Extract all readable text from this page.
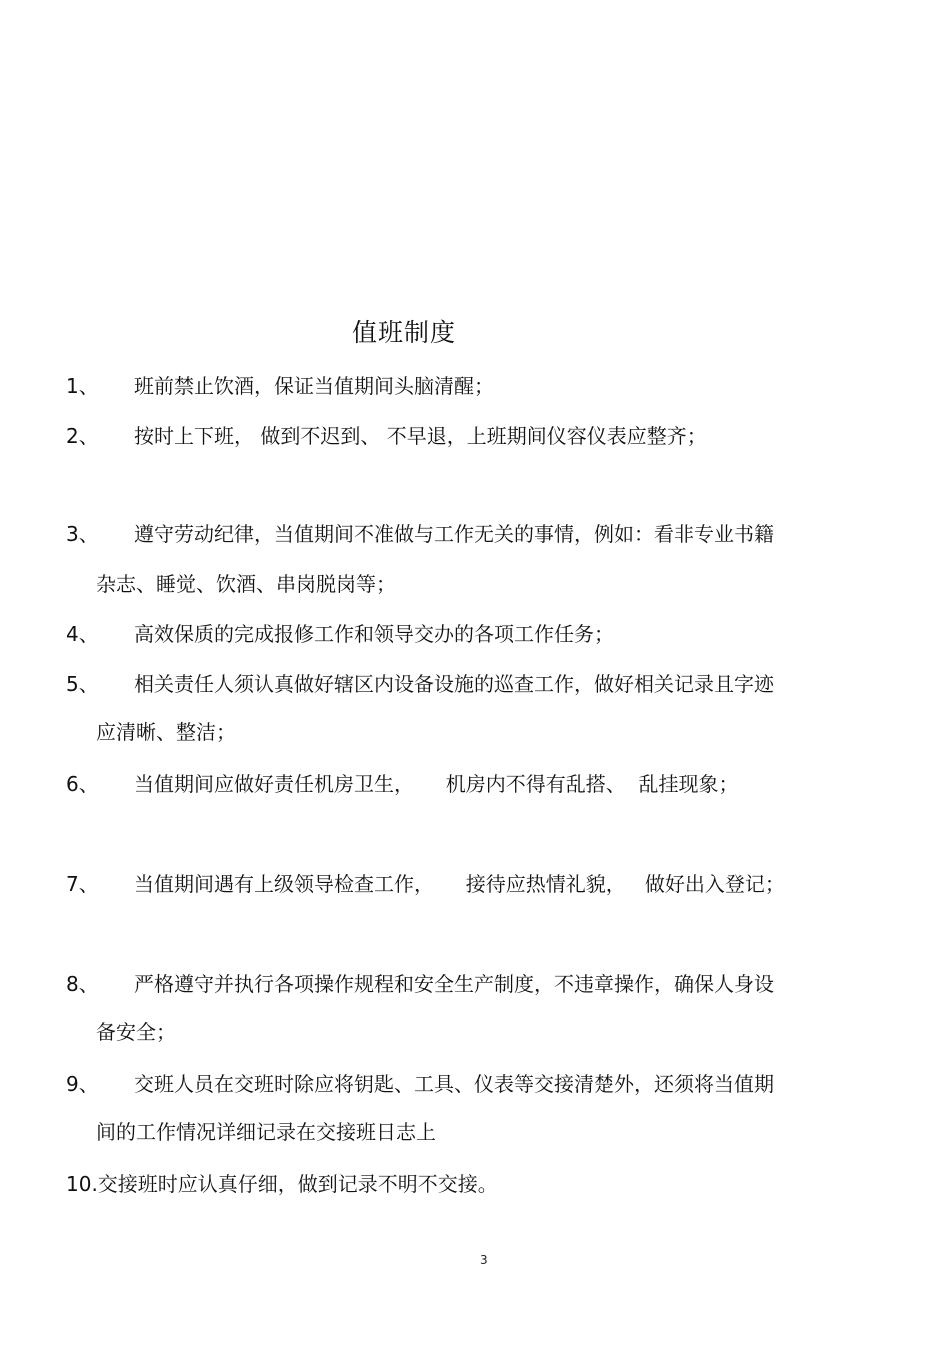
值班制度
1、 班前禁止饮酒，保证当值期间头脑清醒；
2、 按时上下班， 做到不迟到、 不早退，上班期间仪容仪表应整齐；
3、 遵守劳动纪律，当值期间不准做与工作无关的事情，例如：看非专业书籍
杂志、睡觉、饮酒、串岗脱岗等；
4、 高效保质的完成报修工作和领导交办的各项工作任务；
5、 相关责任人须认真做好辖区内设备设施的巡查工作，做好相关记录且字迹
应清晰、整洁；
6、 当值期间应做好责任机房卫生，     机房内不得有乱搭、  乱挂现象；
7、 当值期间遇有上级领导检查工作，     接待应热情礼貌，   做好出入登记；
8、 严格遵守并执行各项操作规程和安全生产制度，不违章操作，确保人身设
备安全；
9、 交班人员在交班时除应将钥匙、工具、仪表等交接清楚外，还须将当值期
间的工作情况详细记录在交接班日志上
10.交接班时应认真仔细，做到记录不明不交接。
3
